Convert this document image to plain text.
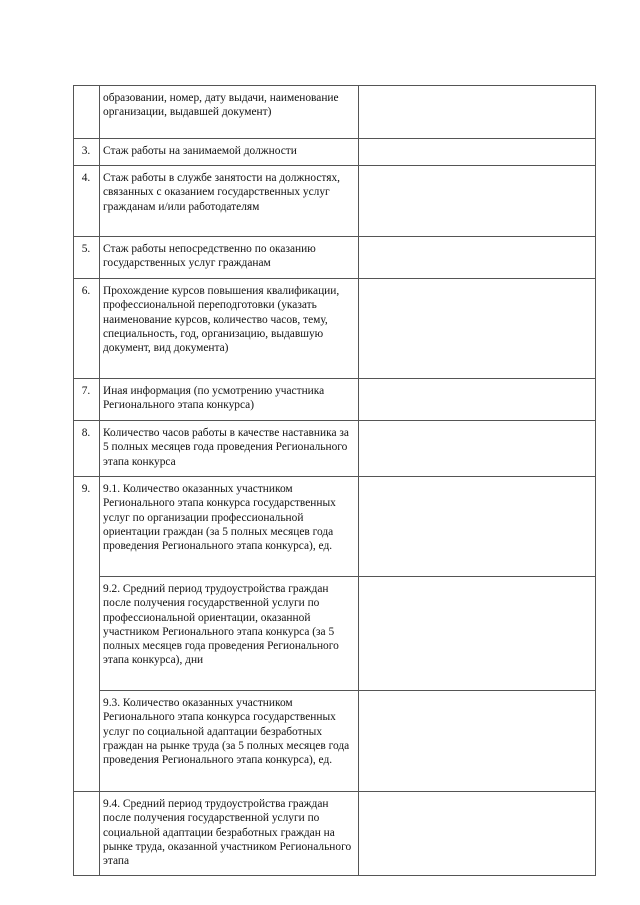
	образовании, номер, дату выдачи, наименование организации, выдавшей документ)	
3.	Стаж работы на занимаемой должности	
4.	Стаж работы в службе занятости на должностях, связанных с оказанием государственных услуг гражданам и/или работодателям	
5.	Стаж работы непосредственно по оказанию государственных услуг гражданам	
6.	Прохождение курсов повышения квалификации, профессиональной переподготовки (указать наименование курсов, количество часов, тему, специальность, год, организацию, выдавшую документ, вид документа)	
7.	Иная информация (по усмотрению участника Регионального этапа конкурса)	
8.	Количество часов работы в качестве наставника за 5 полных месяцев года проведения Регионального этапа конкурса	
9.	9.1. Количество оказанных участником Регионального этапа конкурса государственных услуг по организации профессиональной ориентации граждан (за 5 полных месяцев года проведения Регионального этапа конкурса), ед.	
	9.2. Средний период трудоустройства граждан после получения государственной услуги по профессиональной ориентации, оказанной участником Регионального этапа конкурса (за 5 полных месяцев года проведения Регионального этапа конкурса), дни	
	9.3. Количество оказанных участником Регионального этапа конкурса государственных услуг по социальной адаптации безработных граждан на рынке труда (за 5 полных месяцев года проведения Регионального этапа конкурса), ед.	
	9.4. Средний период трудоустройства граждан после получения государственной услуги по социальной адаптации безработных граждан на рынке труда, оказанной участником Регионального этапа	
